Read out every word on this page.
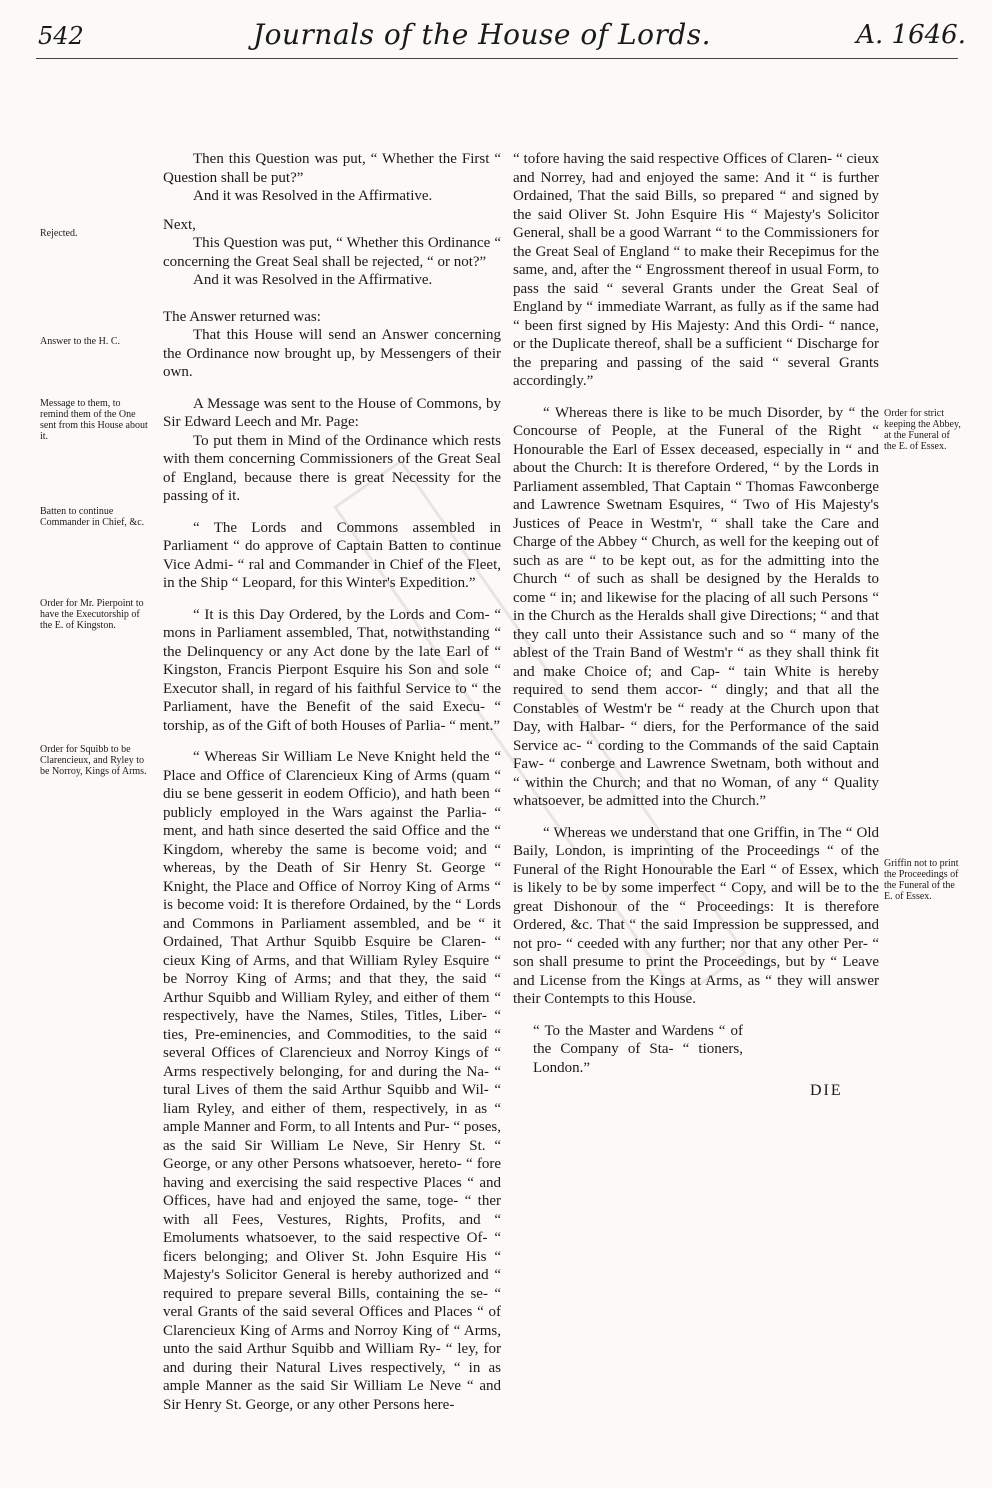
542	Journals of the House of Lords.	A. 1646.

Rejected.

Answer to the H. C.

Message to them, to remind them of the One sent from this House about it.

Batten to continue Commander in Chief, &c.

Order for Mr. Pierpoint to have the Executorship of the E. of Kingston.

Order for Squibb to be Clarencieux, and Ryley to be Norroy, Kings of Arms.

Order for strict keeping the Abbey, at the Funeral of the E. of Essex.

Griffin not to print the Proceedings of the Funeral of the E. of Essex.

Then this Question was put, “ Whether the First “ Question shall be put?”

And it was Resolved in the Affirmative.

Next,

This Question was put, “ Whether this Ordinance “ concerning the Great Seal shall be rejected, “ or not?”

And it was Resolved in the Affirmative.

The Answer returned was:

That this House will send an Answer concerning the Ordinance now brought up, by Messengers of their own.

A Message was sent to the House of Commons, by Sir Edward Leech and Mr. Page:

To put them in Mind of the Ordinance which rests with them concerning Commissioners of the Great Seal of England, because there is great Necessity for the passing of it.

“ The Lords and Commons assembled in Parliament “ do approve of Captain Batten to continue Vice Admi- “ ral and Commander in Chief of the Fleet, in the Ship “ Leopard, for this Winter's Expedition.”

“ It is this Day Ordered, by the Lords and Com- “ mons in Parliament assembled, That, notwithstanding “ the Delinquency or any Act done by the late Earl of “ Kingston, Francis Pierpont Esquire his Son and sole “ Executor shall, in regard of his faithful Service to “ the Parliament, have the Benefit of the said Execu- “ torship, as of the Gift of both Houses of Parlia- “ ment.”

“ Whereas Sir William Le Neve Knight held the “ Place and Office of Clarencieux King of Arms (quam “ diu se bene gesserit in eodem Officio), and hath been “ publicly employed in the Wars against the Parlia- “ ment, and hath since deserted the said Office and the “ Kingdom, whereby the same is become void; and “ whereas, by the Death of Sir Henry St. George “ Knight, the Place and Office of Norroy King of Arms “ is become void: It is therefore Ordained, by the “ Lords and Commons in Parliament assembled, and be “ it Ordained, That Arthur Squibb Esquire be Claren- “ cieux King of Arms, and that William Ryley Esquire “ be Norroy King of Arms; and that they, the said “ Arthur Squibb and William Ryley, and either of them “ respectively, have the Names, Stiles, Titles, Liber- “ ties, Pre-eminencies, and Commodities, to the said “ several Offices of Clarencieux and Norroy Kings of “ Arms respectively belonging, for and during the Na- “ tural Lives of them the said Arthur Squibb and Wil- “ liam Ryley, and either of them, respectively, in as “ ample Manner and Form, to all Intents and Pur- “ poses, as the said Sir William Le Neve, Sir Henry St. “ George, or any other Persons whatsoever, hereto- “ fore having and exercising the said respective Places “ and Offices, have had and enjoyed the same, toge- “ ther with all Fees, Vestures, Rights, Profits, and “ Emoluments whatsoever, to the said respective Of- “ ficers belonging; and Oliver St. John Esquire His “ Majesty's Solicitor General is hereby authorized and “ required to prepare several Bills, containing the se- “ veral Grants of the said several Offices and Places “ of Clarencieux King of Arms and Norroy King of “ Arms, unto the said Arthur Squibb and William Ry- “ ley, for and during their Natural Lives respectively, “ in as ample Manner as the said Sir William Le Neve “ and Sir Henry St. George, or any other Persons here-

“ tofore having the said respective Offices of Claren- “ cieux and Norrey, had and enjoyed the same: And it “ is further Ordained, That the said Bills, so prepared “ and signed by the said Oliver St. John Esquire His “ Majesty's Solicitor General, shall be a good Warrant “ to the Commissioners for the Great Seal of England “ to make their Recepimus for the same, and, after the “ Engrossment thereof in usual Form, to pass the said “ several Grants under the Great Seal of England by “ immediate Warrant, as fully as if the same had “ been first signed by His Majesty: And this Ordi- “ nance, or the Duplicate thereof, shall be a sufficient “ Discharge for the preparing and passing of the said “ several Grants accordingly.”

“ Whereas there is like to be much Disorder, by “ the Concourse of People, at the Funeral of the Right “ Honourable the Earl of Essex deceased, especially in “ and about the Church: It is therefore Ordered, “ by the Lords in Parliament assembled, That Captain “ Thomas Fawconberge and Lawrence Swetnam Esquires, “ Two of His Majesty's Justices of Peace in Westm'r, “ shall take the Care and Charge of the Abbey “ Church, as well for the keeping out of such as are “ to be kept out, as for the admitting into the Church “ of such as shall be designed by the Heralds to come “ in; and likewise for the placing of all such Persons “ in the Church as the Heralds shall give Directions; “ and that they call unto their Assistance such and so “ many of the ablest of the Train Band of Westm'r “ as they shall think fit and make Choice of; and Cap- “ tain White is hereby required to send them accor- “ dingly; and that all the Constables of Westm'r be “ ready at the Church upon that Day, with Halbar- “ diers, for the Performance of the said Service ac- “ cording to the Commands of the said Captain Faw- “ conberge and Lawrence Swetnam, both without and “ within the Church; and that no Woman, of any “ Quality whatsoever, be admitted into the Church.”

“ Whereas we understand that one Griffin, in The “ Old Baily, London, is imprinting of the Proceedings “ of the Funeral of the Right Honourable the Earl “ of Essex, which is likely to be by some imperfect “ Copy, and will be to the great Dishonour of the “ Proceedings: It is therefore Ordered, &c. That “ the said Impression be suppressed, and not pro- “ ceeded with any further; nor that any other Per- “ son shall presume to print the Proceedings, but by “ Leave and License from the Kings at Arms, as “ they will answer their Contempts to this House.

“ To the Master and Wardens “ of the Company of Sta- “ tioners, London.”

DIE
